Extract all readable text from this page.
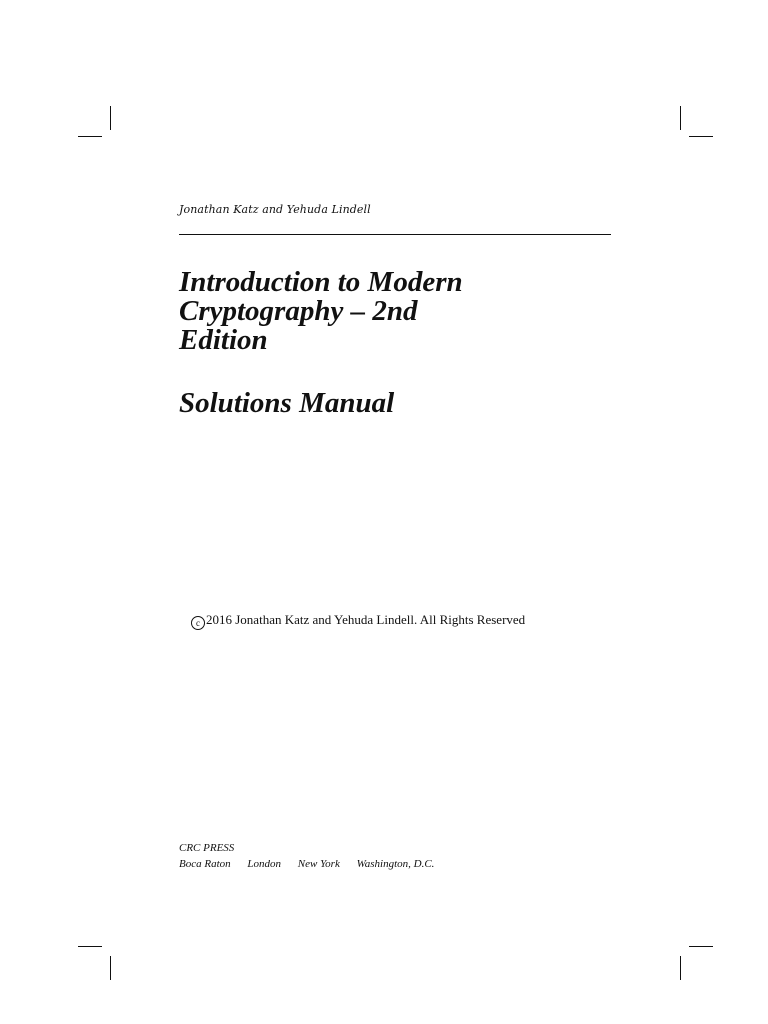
Jonathan Katz and Yehuda Lindell
Introduction to Modern
Cryptography – 2nd
Edition
Solutions Manual
c 2016 Jonathan Katz and Yehuda Lindell. All Rights Reserved
CRC PRESS
Boca Raton London New York Washington, D.C.
